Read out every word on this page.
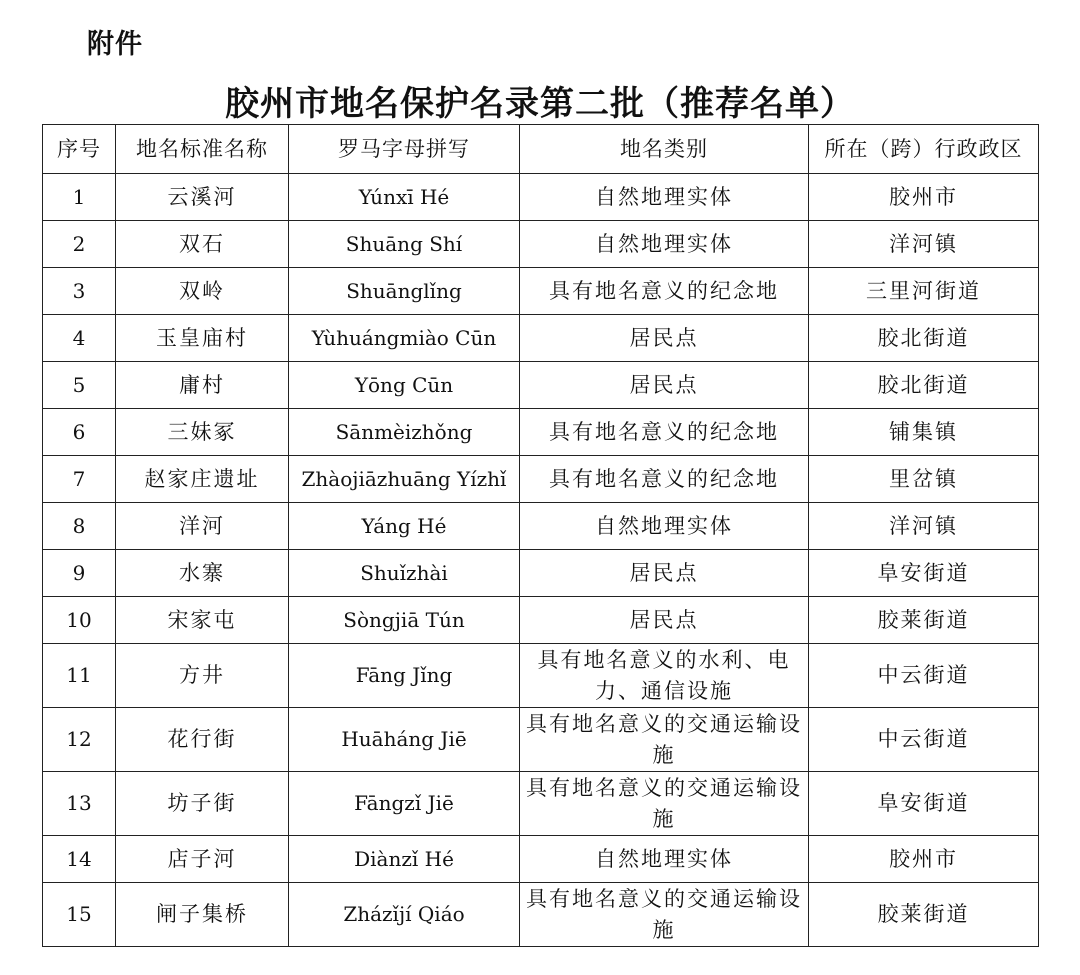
附件
胶州市地名保护名录第二批（推荐名单）
序号	地名标准名称	罗马字母拼写	地名类别	所在（跨）行政政区
1	云溪河	Yúnxī Hé	自然地理实体	胶州市
2	双石	Shuāng Shí	自然地理实体	洋河镇
3	双岭	Shuānglǐng	具有地名意义的纪念地	三里河街道
4	玉皇庙村	Yùhuángmiào Cūn	居民点	胶北街道
5	庸村	Yōng Cūn	居民点	胶北街道
6	三妹冢	Sānmèizhǒng	具有地名意义的纪念地	铺集镇
7	赵家庄遗址	Zhàojiāzhuāng Yízhǐ	具有地名意义的纪念地	里岔镇
8	洋河	Yáng Hé	自然地理实体	洋河镇
9	水寨	Shuǐzhài	居民点	阜安街道
10	宋家屯	Sòngjiā Tún	居民点	胶莱街道
11	方井	Fāng Jǐng	具有地名意义的水利、电力、通信设施	中云街道
12	花行街	Huāháng Jiē	具有地名意义的交通运输设施	中云街道
13	坊子街	Fāngzǐ Jiē	具有地名意义的交通运输设施	阜安街道
14	店子河	Diànzǐ Hé	自然地理实体	胶州市
15	闸子集桥	Zházǐjí Qiáo	具有地名意义的交通运输设施	胶莱街道
